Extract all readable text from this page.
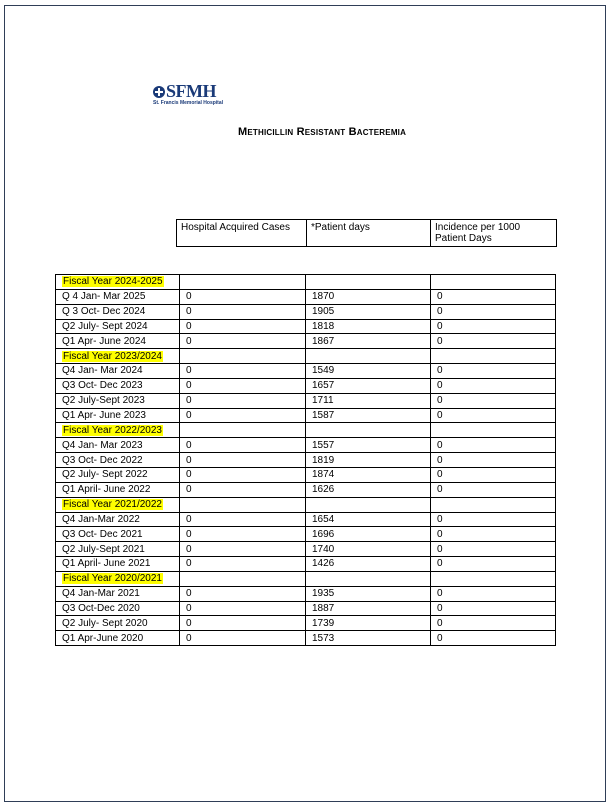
SFMH
St. Francis Memorial Hospital
Methicillin Resistant Bacteremia
Hospital Acquired Cases	*Patient days	Incidence per 1000 Patient Days
Fiscal Year 2024-2025			
Q 4 Jan- Mar 2025	0	1870	0
Q 3 Oct- Dec 2024	0	1905	0
Q2 July- Sept 2024	0	1818	0
Q1 Apr- June 2024	0	1867	0
Fiscal Year 2023/2024			
Q4 Jan- Mar 2024	0	1549	0
Q3 Oct- Dec 2023	0	1657	0
Q2 July-Sept 2023	0	1711	0
Q1 Apr- June 2023	0	1587	0
Fiscal Year 2022/2023			
Q4 Jan- Mar 2023	0	1557	0
Q3 Oct- Dec 2022	0	1819	0
Q2 July- Sept 2022	0	1874	0
Q1 April- June 2022	0	1626	0
Fiscal Year 2021/2022			
Q4 Jan-Mar 2022	0	1654	0
Q3 Oct- Dec 2021	0	1696	0
Q2 July-Sept 2021	0	1740	0
Q1 April- June 2021	0	1426	0
Fiscal Year 2020/2021			
Q4 Jan-Mar 2021	0	1935	0
Q3 Oct-Dec 2020	0	1887	0
Q2 July- Sept 2020	0	1739	0
Q1 Apr-June 2020	0	1573	0
